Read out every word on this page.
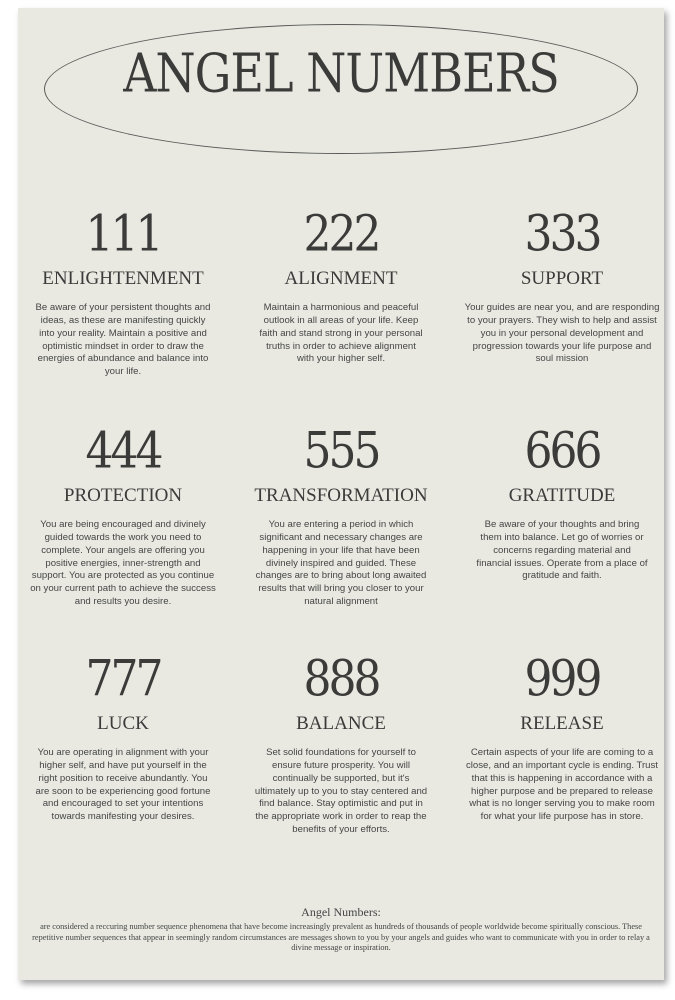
ANGEL NUMBERS
111
ENLIGHTENMENT
Be aware of your persistent thoughts and ideas, as these are manifesting quickly into your reality. Maintain a positive and optimistic mindset in order to draw the energies of abundance and balance into your life.
222
ALIGNMENT
Maintain a harmonious and peaceful outlook in all areas of your life. Keep faith and stand strong in your personal truths in order to achieve alignment with your higher self.
333
SUPPORT
Your guides are near you, and are responding to your prayers. They wish to help and assist you in your personal development and progression towards your life purpose and soul mission
444
PROTECTION
You are being encouraged and divinely guided towards the work you need to complete. Your angels are offering you positive energies, inner-strength and support. You are protected as you continue on your current path to achieve the success and results you desire.
555
TRANSFORMATION
You are entering a period in which significant and necessary changes are happening in your life that have been divinely inspired and guided. These changes are to bring about long awaited results that will bring you closer to your natural alignment
666
GRATITUDE
Be aware of your thoughts and bring them into balance. Let go of worries or concerns regarding material and financial issues. Operate from a place of gratitude and faith.
777
LUCK
You are operating in alignment with your higher self, and have put yourself in the right position to receive abundantly. You are soon to be experiencing good fortune and encouraged to set your intentions towards manifesting your desires.
888
BALANCE
Set solid foundations for yourself to ensure future prosperity. You will continually be supported, but it's ultimately up to you to stay centered and find balance. Stay optimistic and put in the appropriate work in order to reap the benefits of your efforts.
999
RELEASE
Certain aspects of your life are coming to a close, and an important cycle is ending. Trust that this is happening in accordance with a higher purpose and be prepared to release what is no longer serving you to make room for what your life purpose has in store.
Angel Numbers:
are considered a reccuring number sequence phenomena that have become increasingly prevalent as hundreds of thousands of people worldwide become spiritually conscious. These repetitive number sequences that appear in seemingly random circumstances are messages shown to you by your angels and guides who want to communicate with you in order to relay a divine message or inspiration.
